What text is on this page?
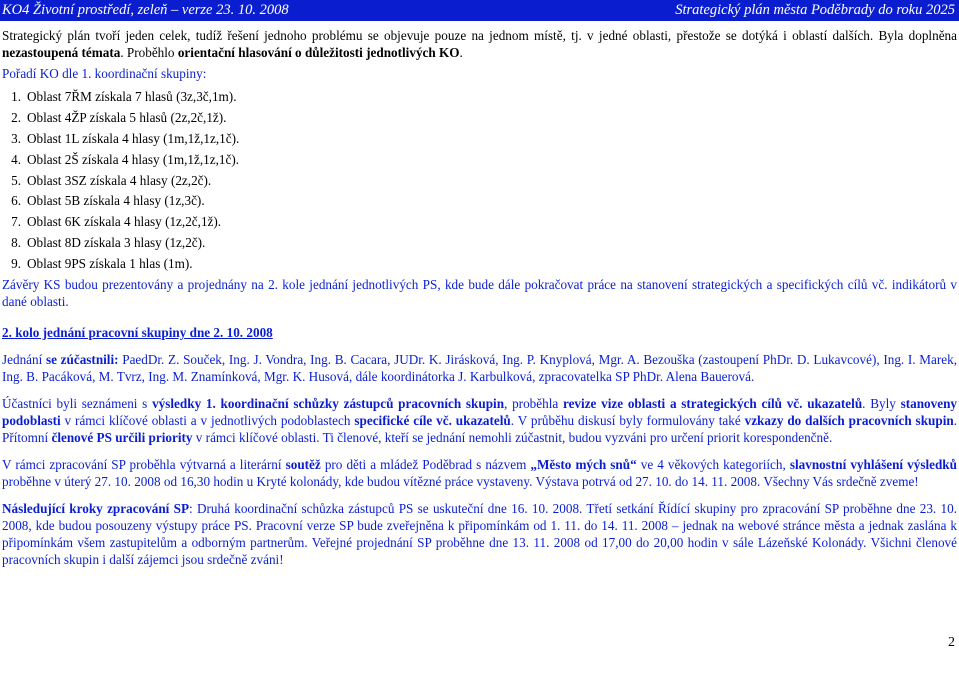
KO4 Životní prostředí, zeleň – verze 23. 10. 2008	Strategický plán města Poděbrady do roku 2025

Strategický plán tvoří jeden celek, tudíž řešení jednoho problému se objevuje pouze na jednom místě, tj. v jedné oblasti, přestože se dotýká i oblastí dalších. Byla doplněna nezastoupená témata. Proběhlo orientační hlasování o důležitosti jednotlivých KO.

Pořadí KO dle 1. koordinační skupiny:

1. Oblast 7ŘM získala 7 hlasů (3z,3č,1m).
2. Oblast 4ŽP získala 5 hlasů (2z,2č,1ž).
3. Oblast 1L získala 4 hlasy (1m,1ž,1z,1č).
4. Oblast 2Š získala 4 hlasy (1m,1ž,1z,1č).
5. Oblast 3SZ získala 4 hlasy (2z,2č).
6. Oblast 5B získala 4 hlasy (1z,3č).
7. Oblast 6K získala 4 hlasy (1z,2č,1ž).
8. Oblast 8D získala 3 hlasy (1z,2č).
9. Oblast 9PS získala 1 hlas (1m).

Závěry KS budou prezentovány a projednány na 2. kole jednání jednotlivých PS, kde bude dále pokračovat práce na stanovení strategických a specifických cílů vč. indikátorů v dané oblasti.

2. kolo jednání pracovní skupiny dne 2. 10. 2008

Jednání se zúčastnili: PaedDr. Z. Souček, Ing. J. Vondra, Ing. B. Cacara, JUDr. K. Jirásková, Ing. P. Knyplová, Mgr. A. Bezouška (zastoupení PhDr. D. Lukavcové), Ing. I. Marek, Ing. B. Pacáková, M. Tvrz, Ing. M. Znamínková, Mgr. K. Husová, dále koordinátorka J. Karbulková, zpracovatelka SP PhDr. Alena Bauerová.

Účastníci byli seznámeni s výsledky 1. koordinační schůzky zástupců pracovních skupin, proběhla revize vize oblasti a strategických cílů vč. ukazatelů. Byly stanoveny podoblasti v rámci klíčové oblasti a v jednotlivých podoblastech specifické cíle vč. ukazatelů. V průběhu diskusí byly formulovány také vzkazy do dalších pracovních skupin. Přítomní členové PS určili priority v rámci klíčové oblasti. Ti členové, kteří se jednání nemohli zúčastnit, budou vyzváni pro určení priorit korespondenčně.

V rámci zpracování SP proběhla výtvarná a literární soutěž pro děti a mládež Poděbrad s názvem „Město mých snů“ ve 4 věkových kategoriích, slavnostní vyhlášení výsledků proběhne v úterý 27. 10. 2008 od 16,30 hodin u Kryté kolonády, kde budou vítězné práce vystaveny. Výstava potrvá od 27. 10. do 14. 11. 2008. Všechny Vás srdečně zveme!

Následující kroky zpracování SP: Druhá koordinační schůzka zástupců PS se uskuteční dne 16. 10. 2008. Třetí setkání Řídící skupiny pro zpracování SP proběhne dne 23. 10. 2008, kde budou posouzeny výstupy práce PS. Pracovní verze SP bude zveřejněna k připomínkám od 1. 11. do 14. 11. 2008 – jednak na webové stránce města a jednak zaslána k připomínkám všem zastupitelům a odborným partnerům. Veřejné projednání SP proběhne dne 13. 11. 2008 od 17,00 do 20,00 hodin v sále Lázeňské Kolonády. Všichni členové pracovních skupin i další zájemci jsou srdečně zváni!

2
